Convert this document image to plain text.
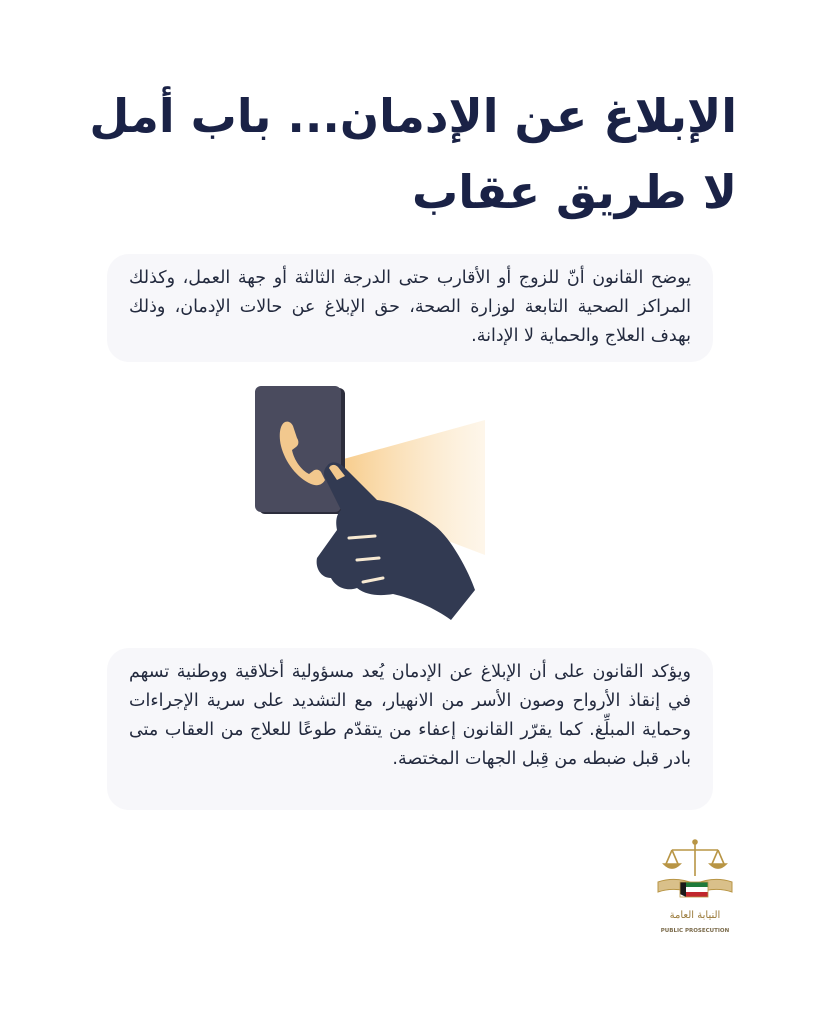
الإبلاغ عن الإدمان... باب أمل لا طريق عقاب

يوضح القانون أنّ للزوج أو الأقارب حتى الدرجة الثالثة أو جهة العمل، وكذلك المراكز الصحية التابعة لوزارة الصحة، حق الإبلاغ عن حالات الإدمان، وذلك بهدف العلاج والحماية لا الإدانة.

ويؤكد القانون على أن الإبلاغ عن الإدمان يُعد مسؤولية أخلاقية ووطنية تسهم في إنقاذ الأرواح وصون الأسر من الانهيار، مع التشديد على سرية الإجراءات وحماية المبلِّغ. كما يقرّر القانون إعفاء من يتقدّم طوعًا للعلاج من العقاب متى بادر قبل ضبطه من قِبل الجهات المختصة.

النيابة العامة
PUBLIC PROSECUTION
